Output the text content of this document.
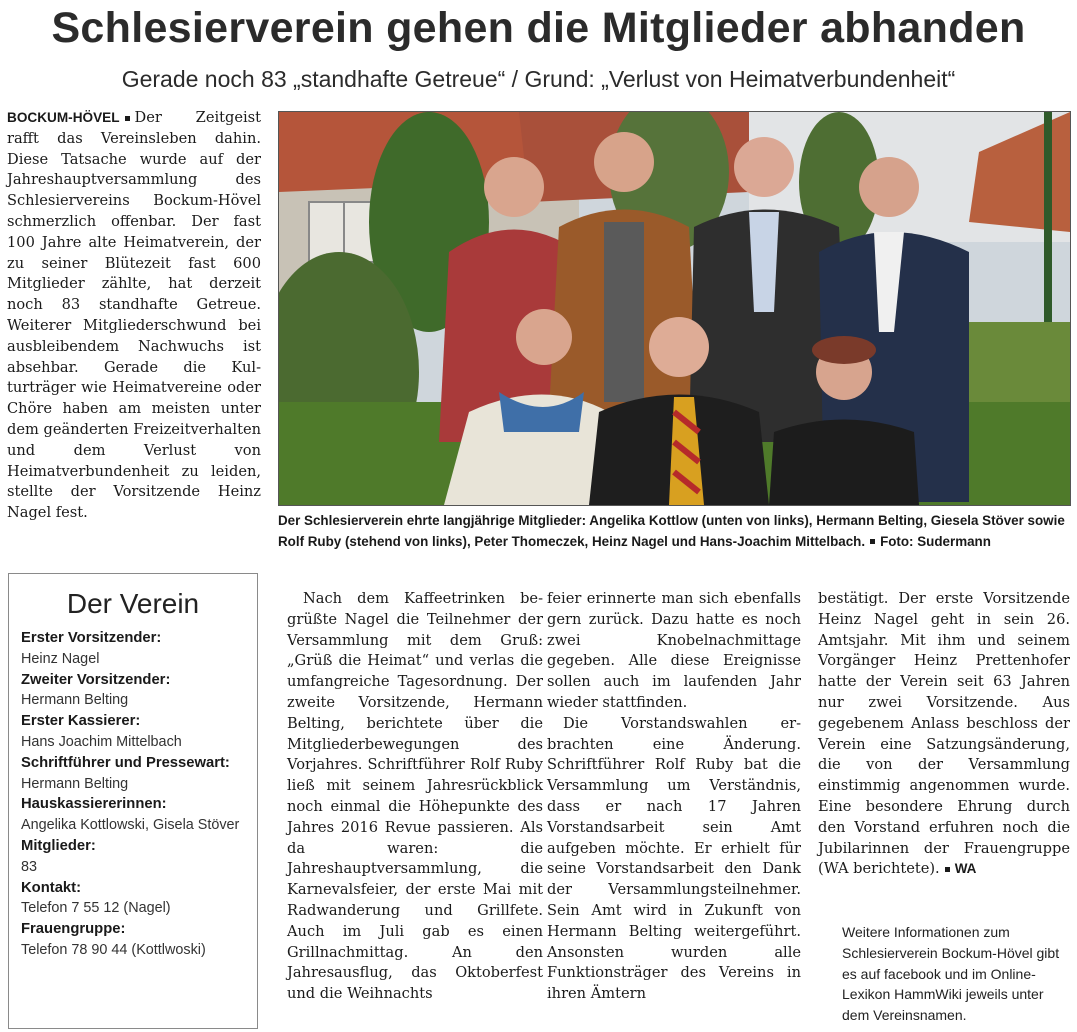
Schlesierverein gehen die Mitglieder abhanden
Gerade noch 83 „standhafte Getreue“ / Grund: „Verlust von Heimatverbundenheit“

BOCKUM-HÖVEL Der Zeitgeist rafft das Vereinsleben dahin. Diese Tatsache wurde auf der Jahreshauptversammlung des Schlesiervereins Bockum-Hövel schmerzlich offenbar. Der fast 100 Jahre alte Heimatverein, der zu seiner Blütezeit fast 600 Mitglieder zählte, hat derzeit noch 83 standhafte Getreue. Weiterer Mitgliederschwund bei ausbleibendem Nachwuchs ist absehbar. Gerade die Kulturträger wie Heimatvereine oder Chöre haben am meisten unter dem geänderten Freizeitverhalten und dem Verlust von Heimatverbundenheit zu leiden, stellte der Vorsitzende Heinz Nagel fest.	Der Schlesierverein ehrte langjährige Mitglieder: Angelika Kottlow (unten von links), Hermann Belting, Giesela Stöver sowie Rolf Ruby (stehend von links), Peter Thomeczek, Heinz Nagel und Hans-Joachim Mittelbach. Foto: Sudermann

Der Verein
Erster Vorsitzender:
Heinz Nagel
Zweiter Vorsitzender:
Hermann Belting
Erster Kassierer:
Hans Joachim Mittelbach
Schriftführer und Pressewart:
Hermann Belting
Hauskassiererinnen:
Angelika Kottlowski, Gisela Stöver
Mitglieder:
83
Kontakt:
Telefon 7 55 12 (Nagel)
Frauengruppe:
Telefon 78 90 44 (Kottlwoski)

Nach dem Kaffeetrinken begrüßte Nagel die Teilnehmer der Versammlung mit dem Gruß: „Grüß die Heimat“ und verlas die umfangreiche Tagesordnung. Der zweite Vorsitzende, Hermann Belting, berichtete über die Mitgliederbewegungen des Vorjahres. Schriftführer Rolf Ruby ließ mit seinem Jahresrückblick noch einmal die Höhepunkte des Jahres 2016 Revue passieren. Als da waren: die Jahreshauptversammlung, die Karnevalsfeier, der erste Mai mit Radwanderung und Grillfete. Auch im Juli gab es einen Grillnachmittag. An den Jahresausflug, das Oktoberfest und die Weihnachts

feier erinnerte man sich ebenfalls gern zurück. Dazu hatte es noch zwei Knobelnachmittage gegeben. Alle diese Ereignisse sollen auch im laufenden Jahr wieder stattfinden.

Die Vorstandswahlen erbrachten eine Änderung. Schriftführer Rolf Ruby bat die Versammlung um Verständnis, dass er nach 17 Jahren Vorstandsarbeit sein Amt aufgeben möchte. Er erhielt für seine Vorstandsarbeit den Dank der Versammlungsteilnehmer. Sein Amt wird in Zukunft von Hermann Belting weitergeführt. Ansonsten wurden alle Funktionsträger des Vereins in ihren Ämtern

bestätigt. Der erste Vorsitzende Heinz Nagel geht in sein 26. Amtsjahr. Mit ihm und seinem Vorgänger Heinz Prettenhofer hatte der Verein seit 63 Jahren nur zwei Vorsitzende. Aus gegebenem Anlass beschloss der Verein eine Satzungsänderung, die von der Versammlung einstimmig angenommen wurde. Eine besondere Ehrung durch den Vorstand erfuhren noch die Jubilarinnen der Frauengruppe (WA berichtete). WA

Weitere Informationen zum Schlesierverein Bockum-Hövel gibt es auf facebook und im Online-Lexikon HammWiki jeweils unter dem Vereinsnamen.
